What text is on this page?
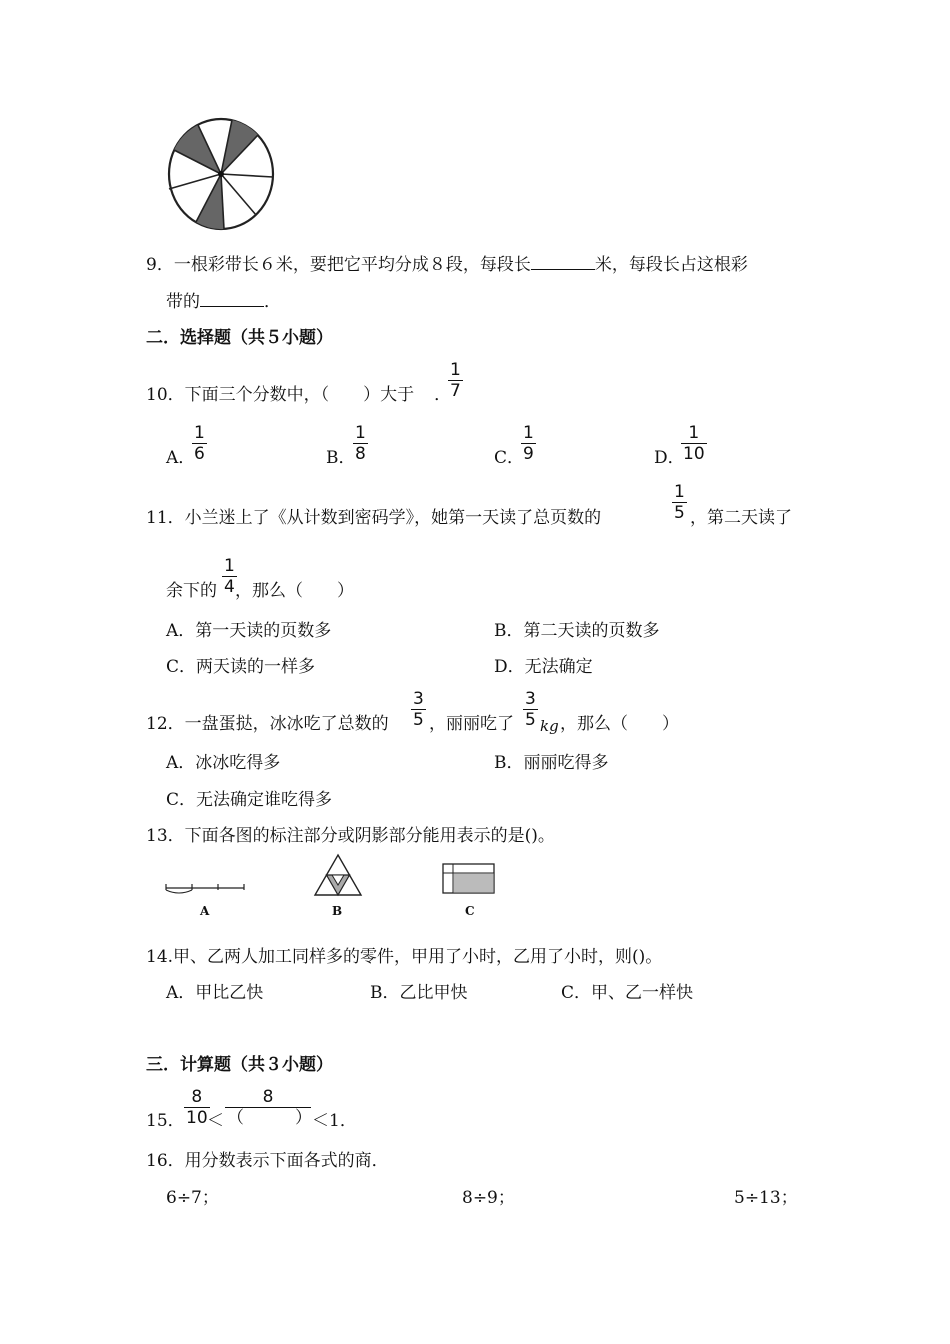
9．一根彩带长６米，要把它平均分成８段，每段长	米，每段长占这根彩
带的	．
二．选择题（共５小题）
10．下面三个分数中，（　　）大于 ．
$\frac{1}{7}$
A．
$\frac{1}{6}$	B．
$\frac{1}{8}$	C．
$\frac{1}{9}$	D．
$\frac{1}{10}$
11．小兰迷上了《从计数到密码学》，她第一天读了总页数的	$\frac{1}{5}$ ，第二天读了
余下的 ，那么（　　）
$\frac{1}{4}$
A．第一天读的页数多	B．第二天读的页数多
C．两天读的一样多	D．无法确定
12．一盘蛋挞，冰冰吃了总数的 $\frac{3}{5}$ ，丽丽吃了 $\frac{3}{5}$ kg ，那么（　　）
A．冰冰吃得多	B．丽丽吃得多
C．无法确定谁吃得多
13．下面各图的标注部分或阴影部分能用表示的是()。
A	B	C
14.甲、乙两人加工同样多的零件，甲用了小时，乙用了小时，则()。
A．甲比乙快	B．乙比甲快	C．甲、乙一样快
三．计算题（共３小题）
15． $\frac{8}{10}$
＜
8
（　　　） ＜1．
16．用分数表示下面各式的商．
6÷7；	8÷9；	5÷13；
